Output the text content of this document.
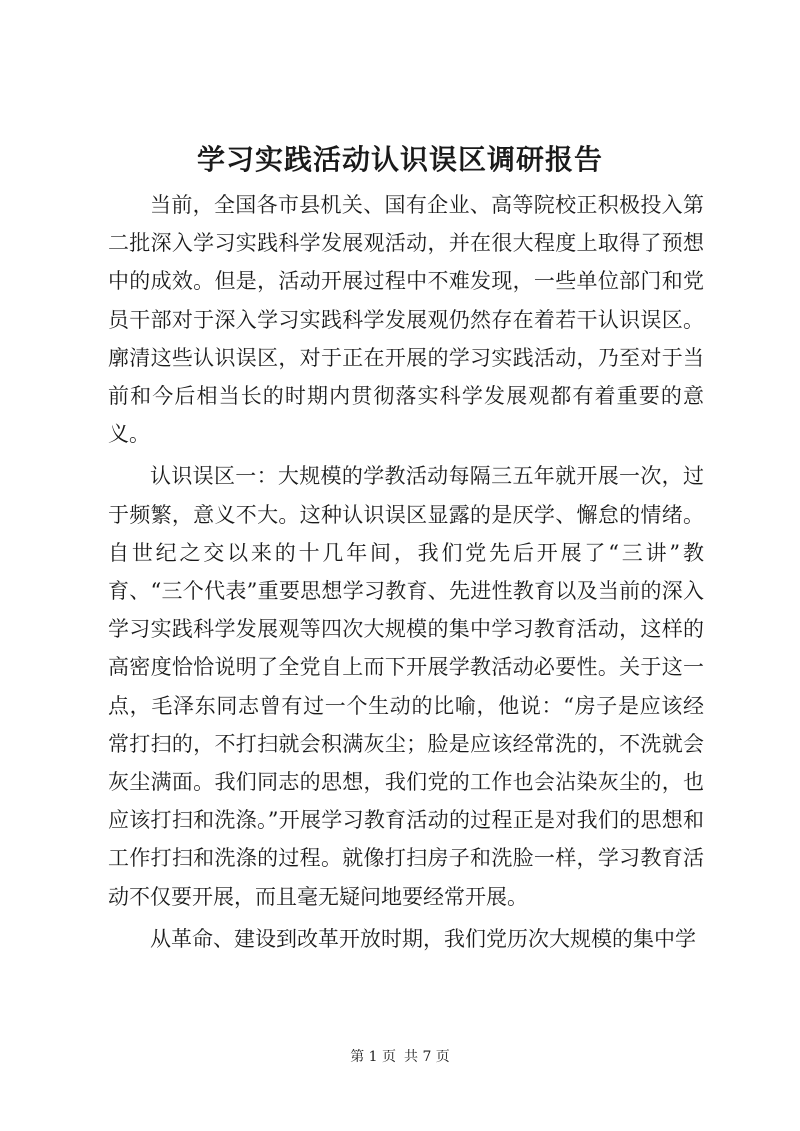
学习实践活动认识误区调研报告

当前，全国各市县机关、国有企业、高等院校正积极投入第二批深入学习实践科学发展观活动，并在很大程度上取得了预想中的成效。但是，活动开展过程中不难发现，一些单位部门和党员干部对于深入学习实践科学发展观仍然存在着若干认识误区。廓清这些认识误区，对于正在开展的学习实践活动，乃至对于当前和今后相当长的时期内贯彻落实科学发展观都有着重要的意义。

认识误区一：大规模的学教活动每隔三五年就开展一次，过于频繁，意义不大。这种认识误区显露的是厌学、懈怠的情绪。自世纪之交以来的十几年间，我们党先后开展了“三讲”教育、“三个代表”重要思想学习教育、先进性教育以及当前的深入学习实践科学发展观等四次大规模的集中学习教育活动，这样的高密度恰恰说明了全党自上而下开展学教活动必要性。关于这一点，毛泽东同志曾有过一个生动的比喻，他说：“房子是应该经常打扫的，不打扫就会积满灰尘；脸是应该经常洗的，不洗就会灰尘满面。我们同志的思想，我们党的工作也会沾染灰尘的，也应该打扫和洗涤。”开展学习教育活动的过程正是对我们的思想和工作打扫和洗涤的过程。就像打扫房子和洗脸一样，学习教育活动不仅要开展，而且毫无疑问地要经常开展。

从革命、建设到改革开放时期，我们党历次大规模的集中学

第 1 页 共 7 页
